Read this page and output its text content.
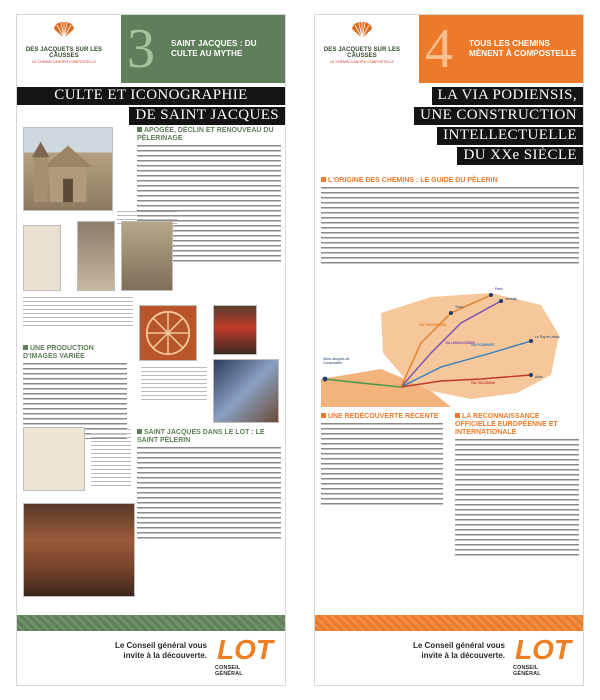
DES JACQUETS SUR LES CAUSSES
LE CHEMIN CAHORS COMPOSTELLE 3 SAINT JACQUES : DU CULTE AU MYTHE
CULTE ET ICONOGRAPHIE
DE SAINT JACQUES
APOGÉE, DÉCLIN ET RENOUVEAU DU PÈLERINAGE
UNE PRODUCTION D'IMAGES VARIÉE
SAINT JACQUES DANS LE LOT : LE SAINT PÈLERIN
Le Conseil général vous invite à la découverte. LOT
CONSEIL GÉNÉRAL
DES JACQUETS SUR LES CAUSSES
LE CHEMIN CAHORS COMPOSTELLE 4 TOUS LES CHEMINS MÈNENT À COMPOSTELLE
LA VIA PODIENSIS,
UNE CONSTRUCTION
INTELLECTUELLE
DU XXe SIÈCLE
L'ORIGINE DES CHEMINS : LE GUIDE DU PÈLERIN
Saint-Jacques-de-Compostelle
Le Puy-en-Velay
Vézelay
Paris
Arles
VIA PODIENSIS
VIA TOLOSANA
VIA TURONENSIS
VIA LEMOVICENSIS
Tours
UNE REDÉCOUVERTE RÉCENTE	LA RECONNAISSANCE OFFICIELLE EUROPÉENNE ET INTERNATIONALE
Le Conseil général vous invite à la découverte. LOT
CONSEIL GÉNÉRAL
